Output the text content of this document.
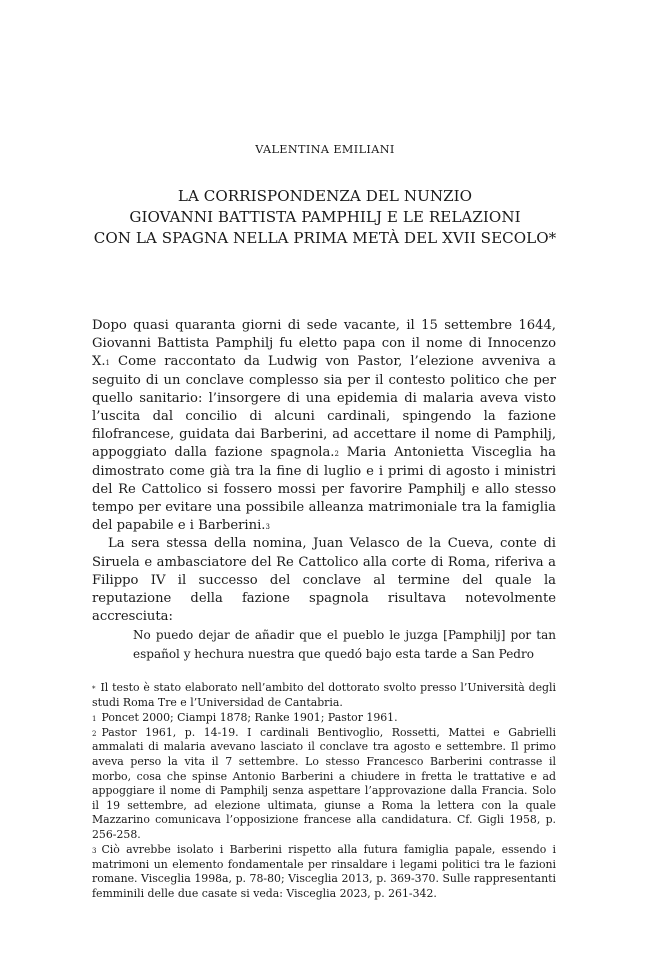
VALENTINA EMILIANI
LA CORRISPONDENZA DEL NUNZIO
GIOVANNI BATTISTA PAMPHILJ E LE RELAZIONI
CON LA SPAGNA NELLA PRIMA METÀ DEL XVII SECOLO*

Dopo quasi quaranta giorni di sede vacante, il 15 settembre 1644, Giovanni Battista Pamphilj fu eletto papa con il nome di Innocenzo X.$^1$ Come raccontato da Ludwig von Pastor, l’elezione avveniva a seguito di un conclave complesso sia per il contesto politico che per quello sanitario: l’insorgere di una epidemia di malaria aveva visto l’uscita dal concilio di alcuni cardinali, spingendo la fazione filofrancese, guidata dai Barberini, ad accettare il nome di Pamphilj, appoggiato dalla fazione spagnola.$^2$ Maria Antonietta Visceglia ha dimostrato come già tra la fine di luglio e i primi di agosto i ministri del Re Cattolico si fossero mossi per favorire Pamphilj e allo stesso tempo per evitare una possibile alleanza matrimoniale tra la famiglia del papabile e i Barberini.$^3$

La sera stessa della nomina, Juan Velasco de la Cueva, conte di Siruela e ambasciatore del Re Cattolico alla corte di Roma, riferiva a Filippo IV il successo del conclave al termine del quale la reputazione della fazione spagnola risultava notevolmente accresciuta:

No puedo dejar de añadir que el pueblo le juzga [Pamphilj] por tan español y hechura nuestra que quedó bajo esta tarde a San Pedro

* Il testo è stato elaborato nell’ambito del dottorato svolto presso l’Università degli studi Roma Tre e l’Universidad de Cantabria.

$^1$ Poncet 2000; Ciampi 1878; Ranke 1901; Pastor 1961.

$^2$ Pastor 1961, p. 14-19. I cardinali Bentivoglio, Rossetti, Mattei e Gabrielli ammalati di malaria avevano lasciato il conclave tra agosto e settembre. Il primo aveva perso la vita il 7 settembre. Lo stesso Francesco Barberini contrasse il morbo, cosa che spinse Antonio Barberini a chiudere in fretta le trattative e ad appoggiare il nome di Pamphilj senza aspettare l’approvazione dalla Francia. Solo il 19 settembre, ad elezione ultimata, giunse a Roma la lettera con la quale Mazzarino comunicava l’opposizione francese alla candidatura. Cf. Gigli 1958, p. 256-258.

$^3$ Ciò avrebbe isolato i Barberini rispetto alla futura famiglia papale, essendo i matrimoni un elemento fondamentale per rinsaldare i legami politici tra le fazioni romane. Visceglia 1998a, p. 78-80; Visceglia 2013, p. 369-370. Sulle rappresentanti femminili delle due casate si veda: Visceglia 2023, p. 261-342.
